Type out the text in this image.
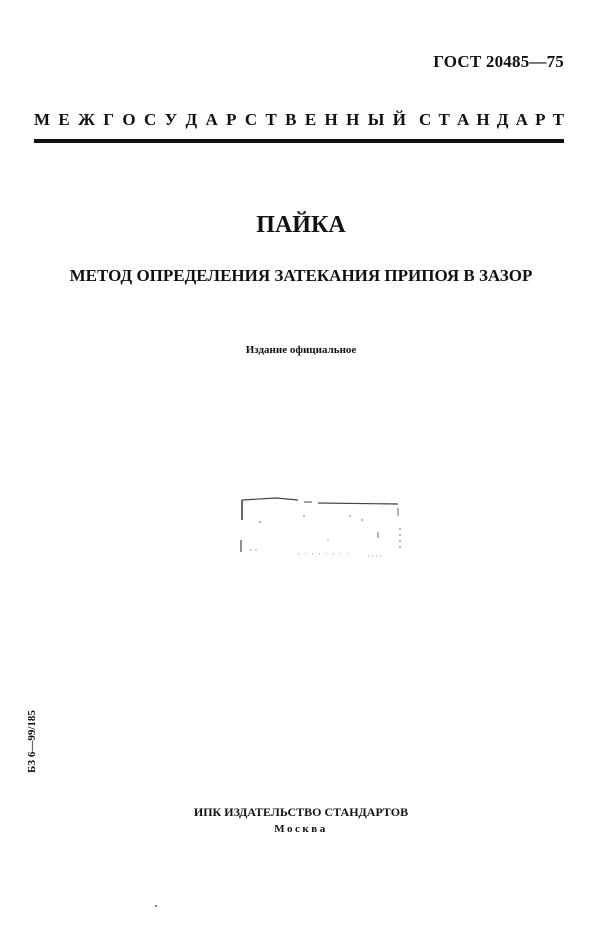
ГОСТ 20485—75
М Е Ж Г О С У Д А Р С Т В Е Н Н Ы Й С Т А Н Д А Р Т
ПАЙКА
МЕТОД ОПРЕДЕЛЕНИЯ ЗАТЕКАНИЯ ПРИПОЯ В ЗАЗОР
Издание официальное
БЗ 6—99/185
ИПК ИЗДАТЕЛЬСТВО СТАНДАРТОВ
Москва
